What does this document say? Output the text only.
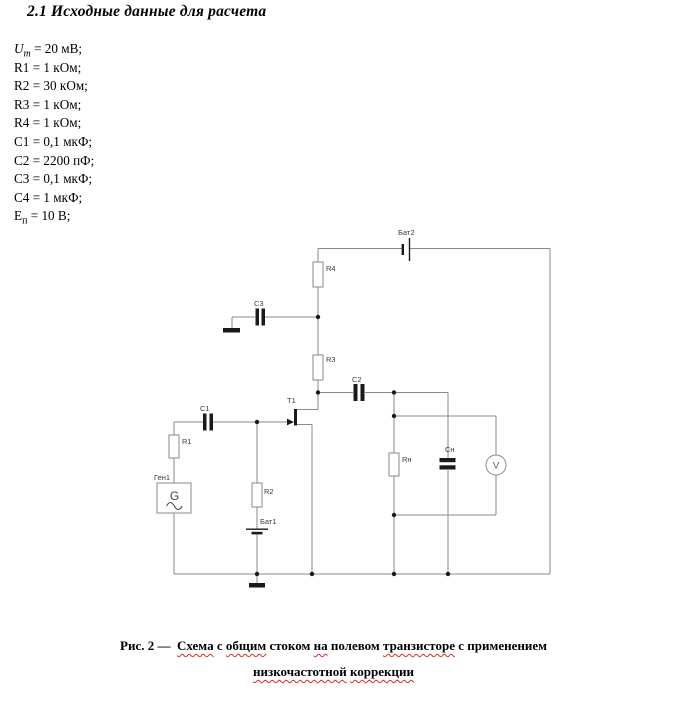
2.1 Исходные данные для расчета
$U_m = 20$ мВ;
R1 = 1 кОм;
R2 = 30 кОм;
R3 = 1 кОм;
R4 = 1 кОм;
C1 = 0,1 мкФ;
C2 = 2200 пФ;
C3 = 0,1 мкФ;
C4 = 1 мкФ;
$Е_п = 10$ В;
Бат2
R4
C3
R3
T1
C2
C1
R1
Ген1
G	R2
Бат1
Rн
Сн
V
Рис. 2 —  Схема с общим стоком на полевом транзисторе с применением
низкочастотной коррекции
